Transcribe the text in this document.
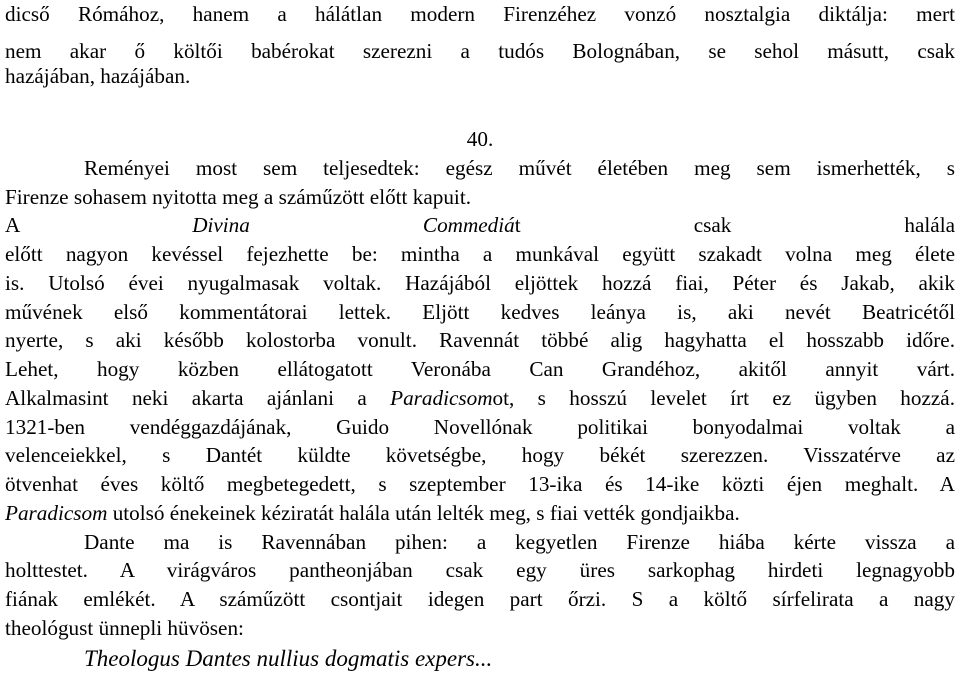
dicső Rómához, hanem a hálátlan modern Firenzéhez vonzó nosztalgia diktálja: mert
nem akar ő költői babérokat szerezni a tudós Bolognában, se sehol másutt, csak
hazájában, hazájában.
40.
Reményei most sem teljesedtek: egész művét életében meg sem ismerhették, s
Firenze sohasem nyitotta meg a száműzött előtt kapuit.
A Divina Commediát csak halála
előtt nagyon kevéssel fejezhette be: mintha a munkával együtt szakadt volna meg élete
is. Utolsó évei nyugalmasak voltak. Hazájából eljöttek hozzá fiai, Péter és Jakab, akik
művének első kommentátorai lettek. Eljött kedves leánya is, aki nevét Beatricétől
nyerte, s aki később kolostorba vonult. Ravennát többé alig hagyhatta el hosszabb időre.
Lehet, hogy közben ellátogatott Veronába Can Grandéhoz, akitől annyit várt.
Alkalmasint neki akarta ajánlani a Paradicsomot, s hosszú levelet írt ez ügyben hozzá.
1321-ben vendéggazdájának, Guido Novellónak politikai bonyodalmai voltak a
velenceiekkel, s Dantét küldte követségbe, hogy békét szerezzen. Visszatérve az
ötvenhat éves költő megbetegedett, s szeptember 13-ika és 14-ike közti éjen meghalt. A
Paradicsom utolsó énekeinek kéziratát halála után lelték meg, s fiai vették gondjaikba.
Dante ma is Ravennában pihen: a kegyetlen Firenze hiába kérte vissza a
holttestet. A virágváros pantheonjában csak egy üres sarkophag hirdeti legnagyobb
fiának emlékét. A száműzött csontjait idegen part őrzi. S a költő sírfelirata a nagy
theológust ünnepli hüvösen:
Theologus Dantes nullius dogmatis expers...
